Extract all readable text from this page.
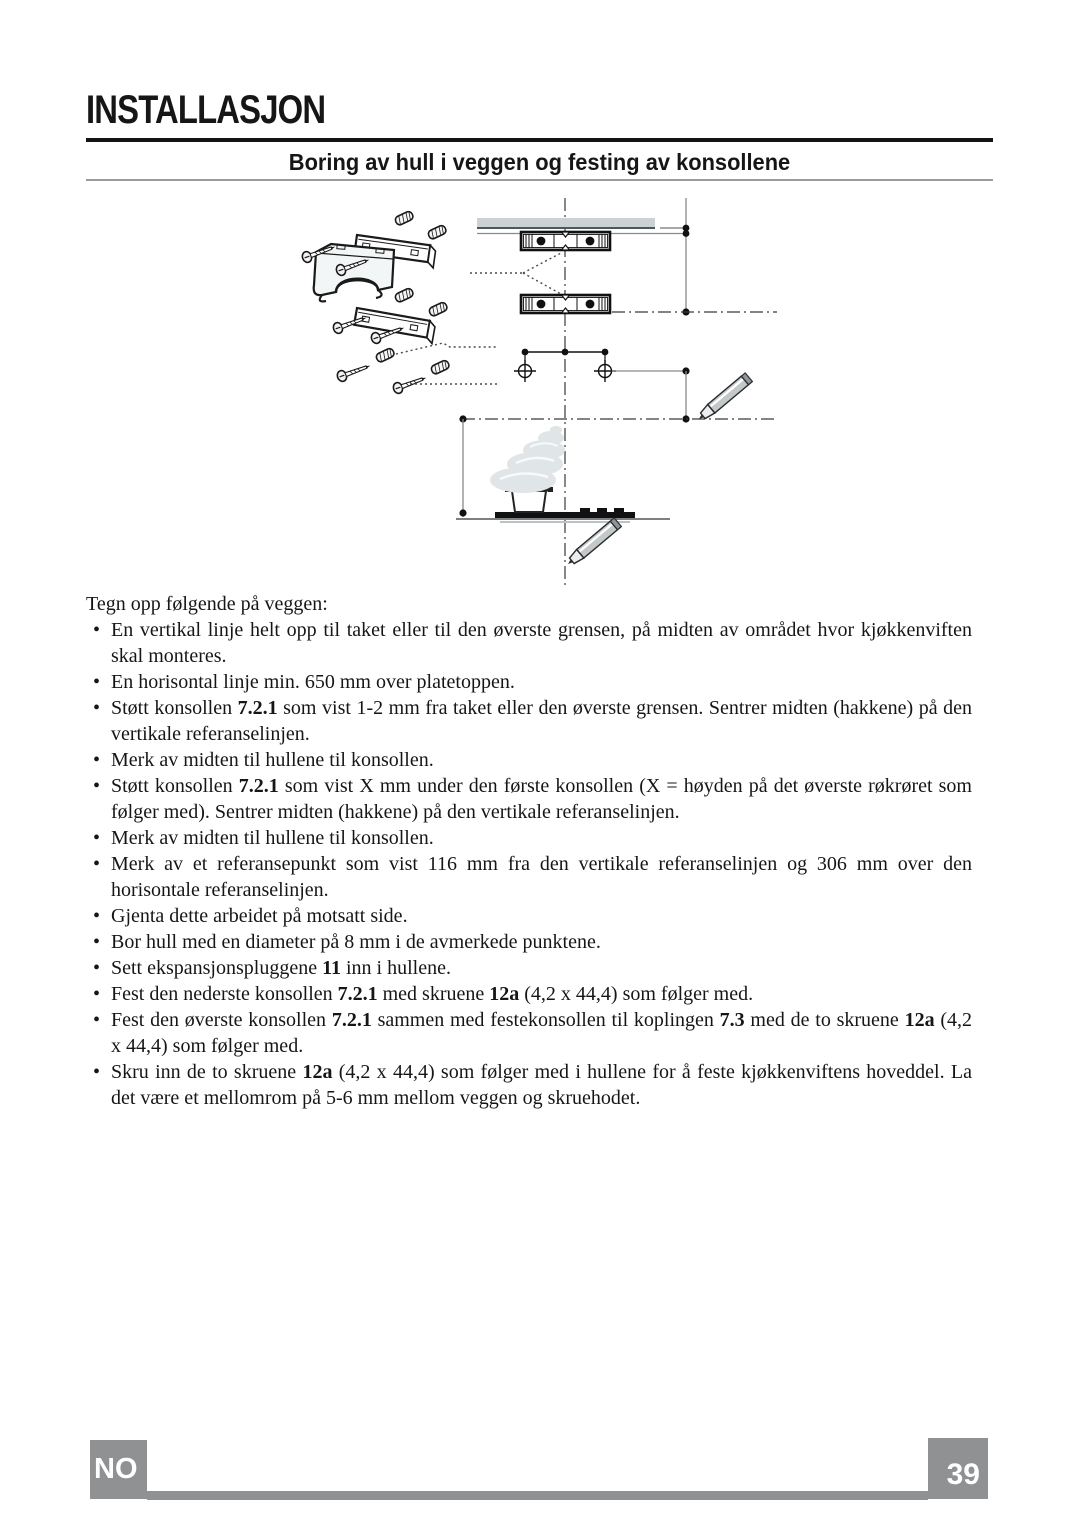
INSTALLASJON
Boring av hull i veggen og festing av konsollene

Tegn opp følgende på veggen:

• En vertikal linje helt opp til taket eller til den øverste grensen, på midten av området hvor kjøkkenviften skal monteres.
• En horisontal linje min. 650 mm over platetoppen.
• Støtt konsollen 7.2.1 som vist 1-2 mm fra taket eller den øverste grensen. Sentrer midten (hakkene) på den vertikale referanselinjen.
• Merk av midten til hullene til konsollen.
• Støtt konsollen 7.2.1 som vist X mm under den første konsollen (X = høyden på det øverste røkrøret som følger med). Sentrer midten (hakkene) på den vertikale referanselinjen.
• Merk av midten til hullene til konsollen.
• Merk av et referansepunkt som vist 116 mm fra den vertikale referanselinjen og 306 mm over den horisontale referanselinjen.
• Gjenta dette arbeidet på motsatt side.
• Bor hull med en diameter på 8 mm i de avmerkede punktene.
• Sett ekspansjonspluggene 11 inn i hullene.
• Fest den nederste konsollen 7.2.1 med skruene 12a (4,2 x 44,4) som følger med.
• Fest den øverste konsollen 7.2.1 sammen med festekonsollen til koplingen 7.3 med de to skruene 12a (4,2 x 44,4) som følger med.
• Skru inn de to skruene 12a (4,2 x 44,4) som følger med i hullene for å feste kjøkkenviftens hoveddel. La det være et mellomrom på 5-6 mm mellom veggen og skruehodet.
NO	39
